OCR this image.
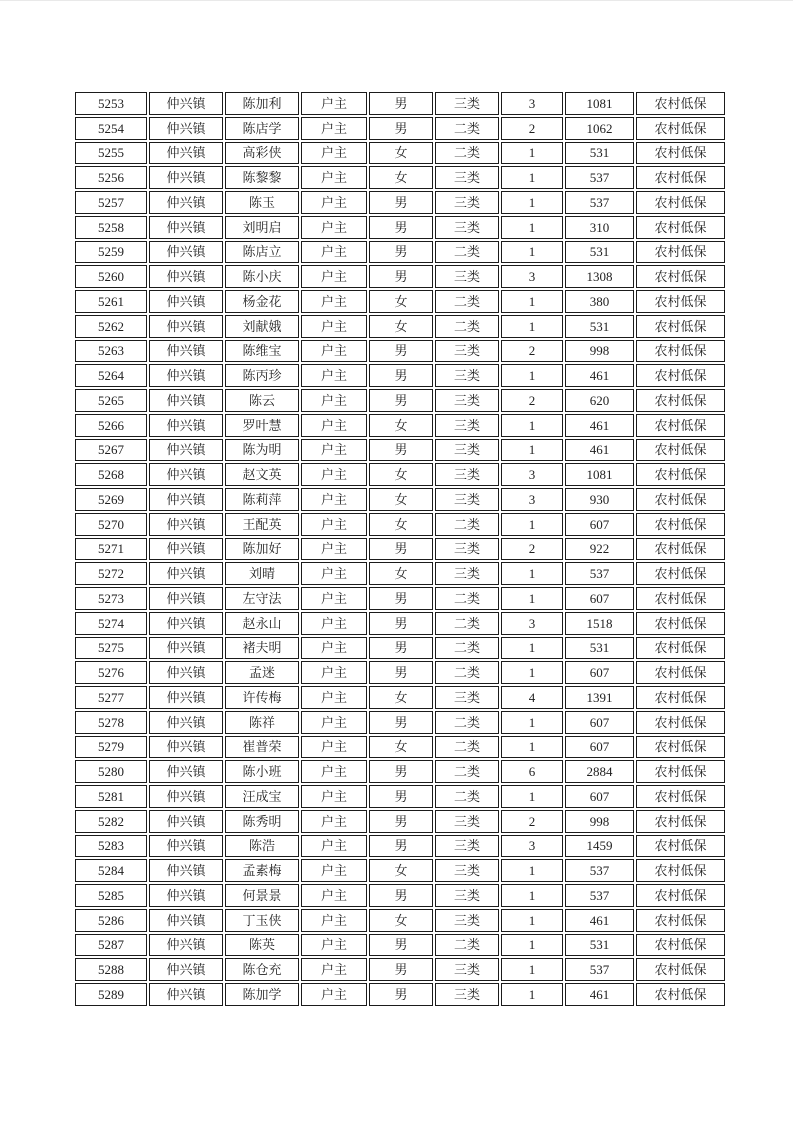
5253	仲兴镇	陈加利	户主	男	三类	3	1081	农村低保
5254	仲兴镇	陈店学	户主	男	二类	2	1062	农村低保
5255	仲兴镇	高彩侠	户主	女	二类	1	531	农村低保
5256	仲兴镇	陈黎黎	户主	女	三类	1	537	农村低保
5257	仲兴镇	陈玉	户主	男	三类	1	537	农村低保
5258	仲兴镇	刘明启	户主	男	三类	1	310	农村低保
5259	仲兴镇	陈店立	户主	男	二类	1	531	农村低保
5260	仲兴镇	陈小庆	户主	男	三类	3	1308	农村低保
5261	仲兴镇	杨金花	户主	女	二类	1	380	农村低保
5262	仲兴镇	刘献娥	户主	女	二类	1	531	农村低保
5263	仲兴镇	陈维宝	户主	男	三类	2	998	农村低保
5264	仲兴镇	陈丙珍	户主	男	三类	1	461	农村低保
5265	仲兴镇	陈云	户主	男	三类	2	620	农村低保
5266	仲兴镇	罗叶慧	户主	女	三类	1	461	农村低保
5267	仲兴镇	陈为明	户主	男	三类	1	461	农村低保
5268	仲兴镇	赵文英	户主	女	三类	3	1081	农村低保
5269	仲兴镇	陈莉萍	户主	女	三类	3	930	农村低保
5270	仲兴镇	王配英	户主	女	二类	1	607	农村低保
5271	仲兴镇	陈加好	户主	男	三类	2	922	农村低保
5272	仲兴镇	刘晴	户主	女	三类	1	537	农村低保
5273	仲兴镇	左守法	户主	男	二类	1	607	农村低保
5274	仲兴镇	赵永山	户主	男	二类	3	1518	农村低保
5275	仲兴镇	褚夫明	户主	男	二类	1	531	农村低保
5276	仲兴镇	孟迷	户主	男	二类	1	607	农村低保
5277	仲兴镇	许传梅	户主	女	三类	4	1391	农村低保
5278	仲兴镇	陈祥	户主	男	二类	1	607	农村低保
5279	仲兴镇	崔普荣	户主	女	二类	1	607	农村低保
5280	仲兴镇	陈小班	户主	男	二类	6	2884	农村低保
5281	仲兴镇	汪成宝	户主	男	二类	1	607	农村低保
5282	仲兴镇	陈秀明	户主	男	三类	2	998	农村低保
5283	仲兴镇	陈浩	户主	男	三类	3	1459	农村低保
5284	仲兴镇	孟素梅	户主	女	三类	1	537	农村低保
5285	仲兴镇	何景景	户主	男	三类	1	537	农村低保
5286	仲兴镇	丁玉侠	户主	女	三类	1	461	农村低保
5287	仲兴镇	陈英	户主	男	二类	1	531	农村低保
5288	仲兴镇	陈仓充	户主	男	三类	1	537	农村低保
5289	仲兴镇	陈加学	户主	男	三类	1	461	农村低保
